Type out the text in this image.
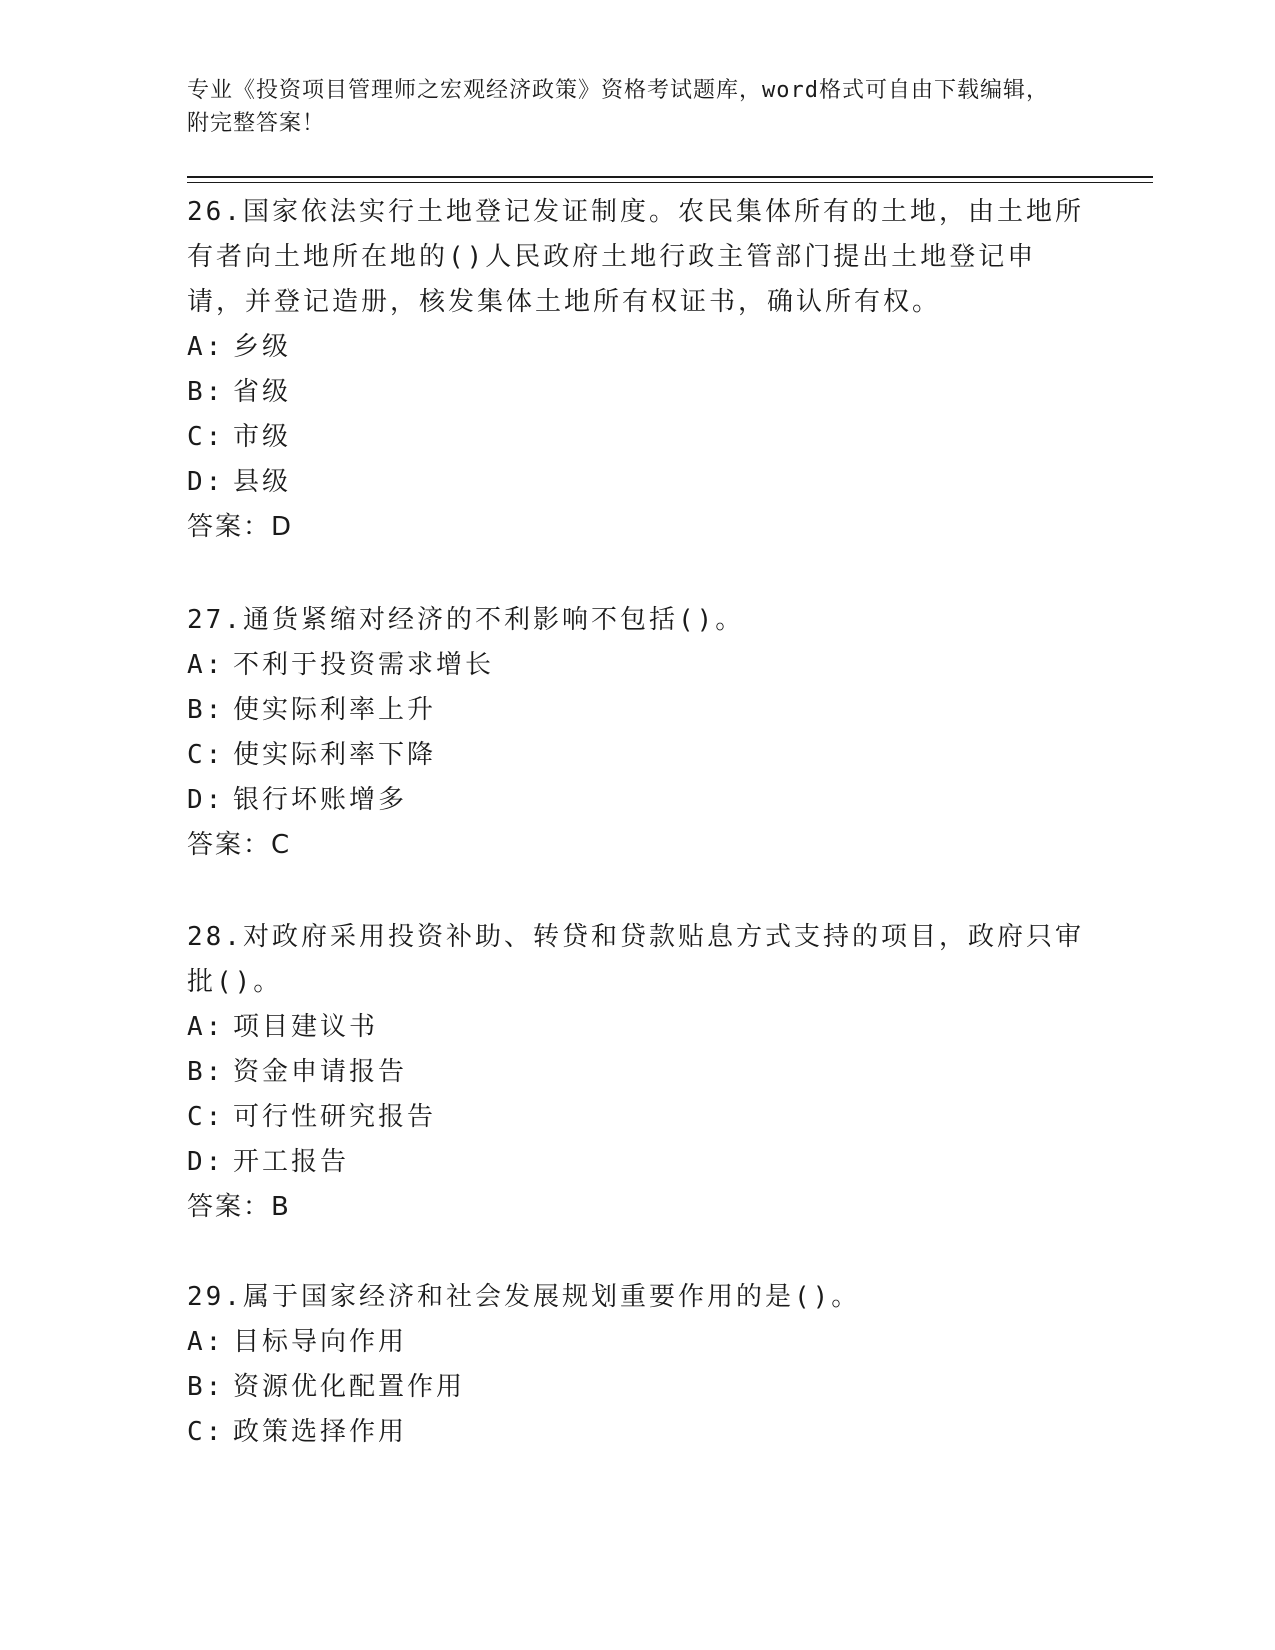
专业《投资项目管理师之宏观经济政策》资格考试题库，word格式可自由下载编辑，附完整答案！
26.国家依法实行土地登记发证制度。农民集体所有的土地，由土地所有者向土地所在地的()人民政府土地行政主管部门提出土地登记申请，并登记造册，核发集体土地所有权证书，确认所有权。
A: 乡级
B: 省级
C: 市级
D: 县级
答案：D
27.通货紧缩对经济的不利影响不包括()。
A: 不利于投资需求增长
B: 使实际利率上升
C: 使实际利率下降
D: 银行坏账增多
答案：C
28.对政府采用投资补助、转贷和贷款贴息方式支持的项目，政府只审批()。
A: 项目建议书
B: 资金申请报告
C: 可行性研究报告
D: 开工报告
答案：B
29.属于国家经济和社会发展规划重要作用的是()。
A: 目标导向作用
B: 资源优化配置作用
C: 政策选择作用
